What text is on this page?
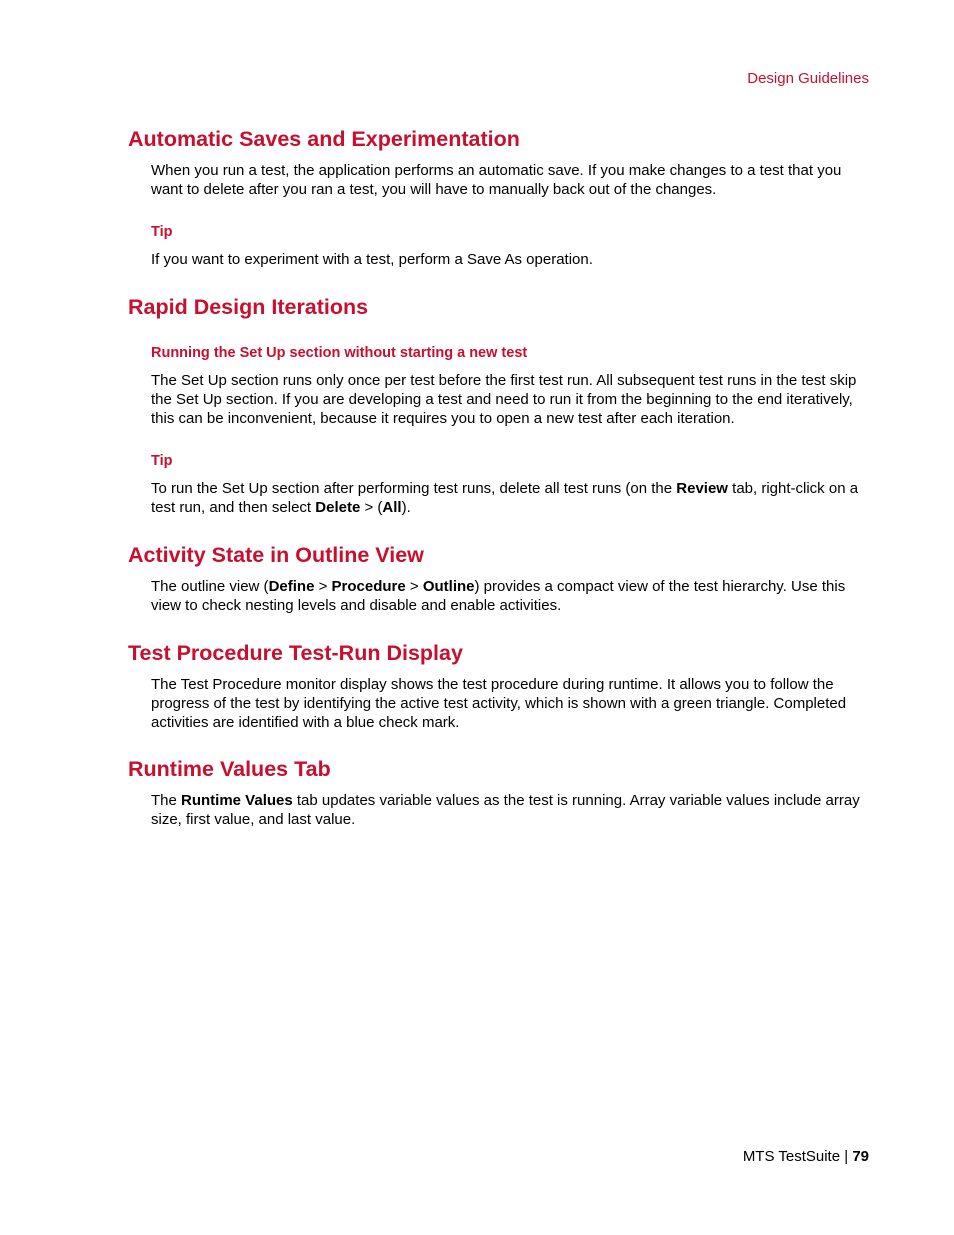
Design Guidelines
Automatic Saves and Experimentation

When you run a test, the application performs an automatic save. If you make changes to a test that you want to delete after you ran a test, you will have to manually back out of the changes.

Tip

If you want to experiment with a test, perform a Save As operation.

Rapid Design Iterations
Running the Set Up section without starting a new test

The Set Up section runs only once per test before the first test run. All subsequent test runs in the test skip the Set Up section. If you are developing a test and need to run it from the beginning to the end iteratively, this can be inconvenient, because it requires you to open a new test after each iteration.

Tip

To run the Set Up section after performing test runs, delete all test runs (on the Review tab, right-click on a test run, and then select Delete > (All).

Activity State in Outline View

The outline view (Define > Procedure > Outline) provides a compact view of the test hierarchy. Use this view to check nesting levels and disable and enable activities.

Test Procedure Test-Run Display

The Test Procedure monitor display shows the test procedure during runtime. It allows you to follow the progress of the test by identifying the active test activity, which is shown with a green triangle. Completed activities are identified with a blue check mark.

Runtime Values Tab

The Runtime Values tab updates variable values as the test is running. Array variable values include array size, first value, and last value.

MTS TestSuite | 79
